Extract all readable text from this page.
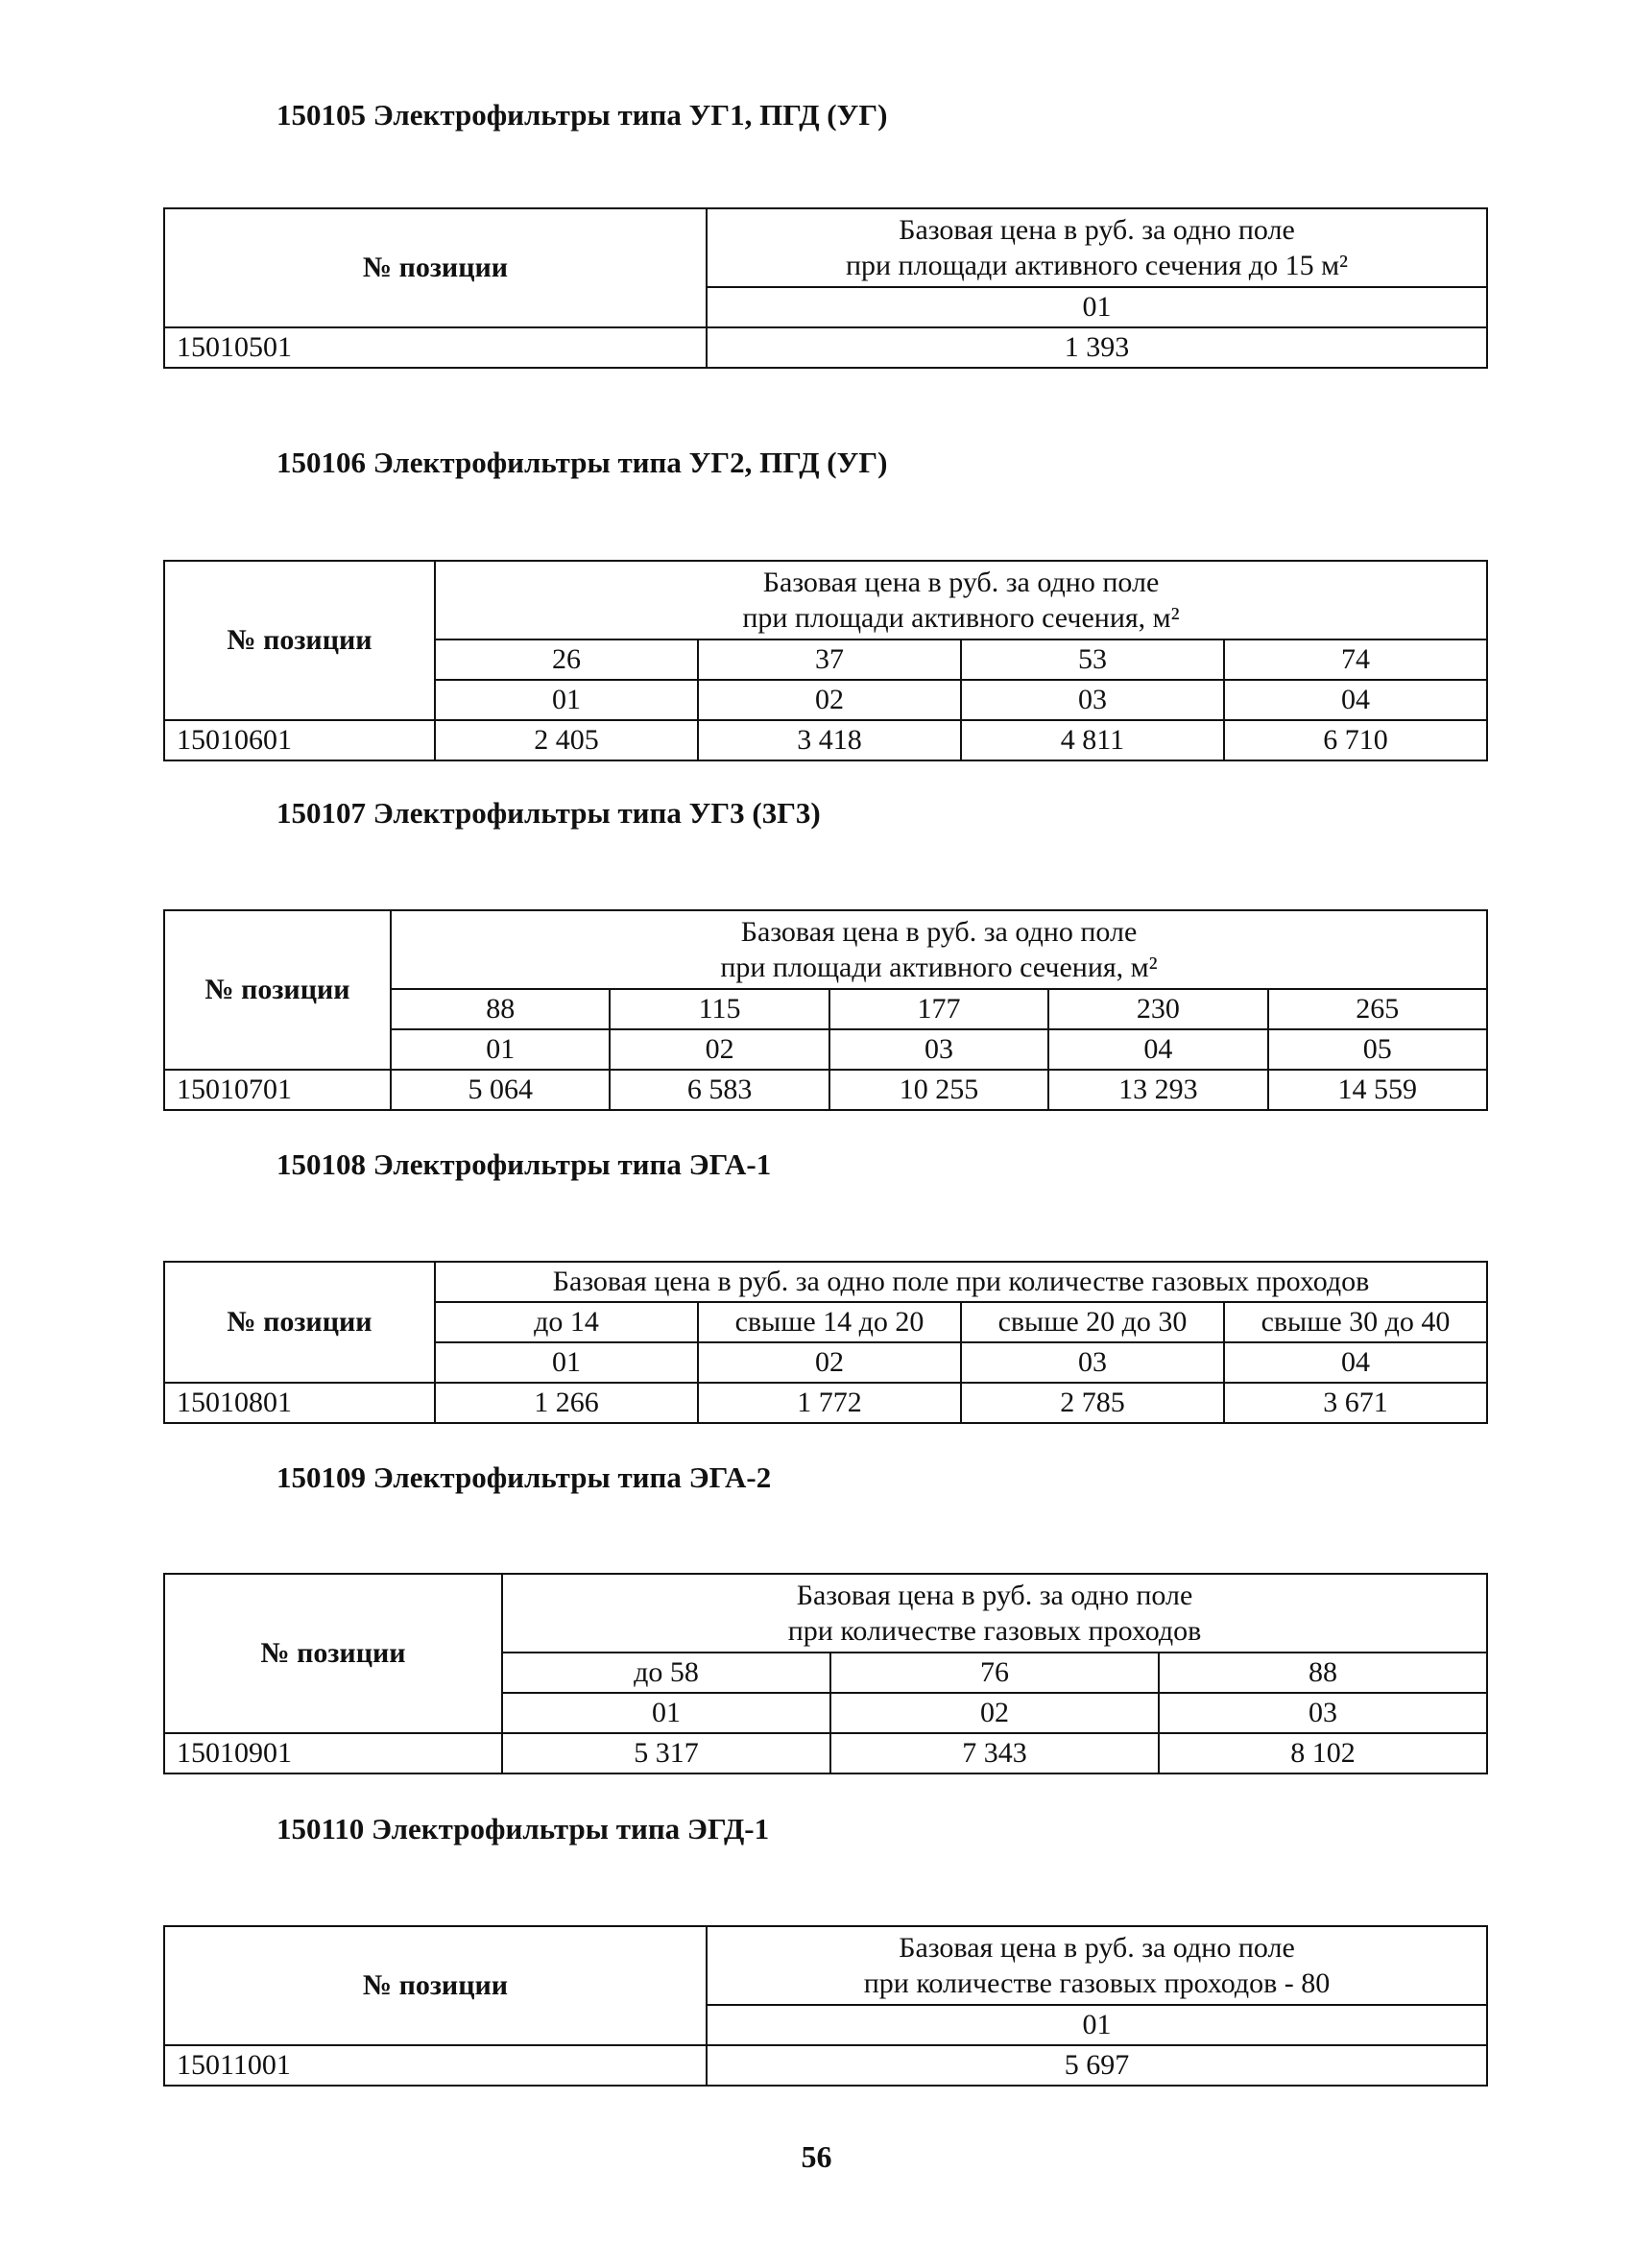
150105 Электрофильтры типа УГ1, ПГД (УГ)
№ позиции	Базовая цена в руб. за одно поле
при площади активного сечения до 15 м²

	01
15010501	1 393
150106 Электрофильтры типа УГ2, ПГД (УГ)
№ позиции	Базовая цена в руб. за одно поле
при площади активного сечения, м²			

	26	37	53	74
	01	02	03	04
15010601	2 405	3 418	4 811	6 710
150107 Электрофильтры типа УГ3 (3Г3)
№ позиции	Базовая цена в руб. за одно поле
при площади активного сечения, м²				

	88	115	177	230	265
	01	02	03	04	05
15010701	5 064	6 583	10 255	13 293	14 559
150108 Электрофильтры типа ЭГА-1
№ позиции	Базовая цена в руб. за одно поле при количестве газовых проходов			
	до 14	свыше 14 до 20	свыше 20 до 30	свыше 30 до 40
	01	02	03	04
15010801	1 266	1 772	2 785	3 671
150109 Электрофильтры типа ЭГА-2
№ позиции	Базовая цена в руб. за одно поле
при количестве газовых проходов		

	до 58	76	88
	01	02	03
15010901	5 317	7 343	8 102
150110 Электрофильтры типа ЭГД-1
№ позиции	Базовая цена в руб. за одно поле
при количестве газовых проходов - 80

	01
15011001	5 697
56
